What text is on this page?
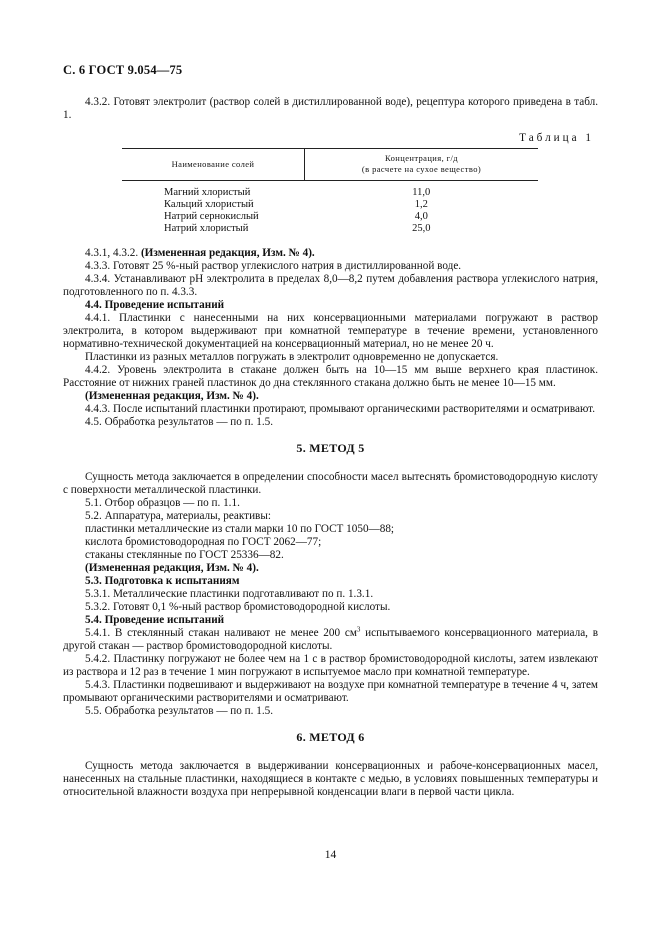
С. 6 ГОСТ 9.054—75

4.3.2. Готовят электролит (раствор солей в дистиллированной воде), рецептура которого приведена в табл. 1.

Таблица 1
Наименование солей	Концентрация, г/д
(в расчете на сухое вещество)

Магний хлористый	11,0
Кальций хлористый	1,2
Натрий сернокислый	4,0
Натрий хлористый	25,0

4.3.1, 4.3.2. (Измененная редакция, Изм. № 4).

4.3.3. Готовят 25 %-ный раствор углекислого натрия в дистиллированной воде.

4.3.4. Устанавливают рН электролита в пределах 8,0—8,2 путем добавления раствора углекислого натрия, подготовленного по п. 4.3.3.

4.4. Проведение испытаний

4.4.1. Пластинки с нанесенными на них консервационными материалами погружают в раствор электролита, в котором выдерживают при комнатной температуре в течение времени, установленного нормативно-технической документацией на консервационный материал, но не менее 20 ч.

Пластинки из разных металлов погружать в электролит одновременно не допускается.

4.4.2. Уровень электролита в стакане должен быть на 10—15 мм выше верхнего края пластинок. Расстояние от нижних граней пластинок до дна стеклянного стакана должно быть не менее 10—15 мм.

(Измененная редакция, Изм. № 4).

4.4.3. После испытаний пластинки протирают, промывают органическими растворителями и осматривают.

4.5. Обработка результатов — по п. 1.5.

5. МЕТОД 5

Сущность метода заключается в определении способности масел вытеснять бромистоводородную кислоту с поверхности металлической пластинки.

5.1. Отбор образцов — по п. 1.1.

5.2. Аппаратура, материалы, реактивы:

пластинки металлические из стали марки 10 по ГОСТ 1050—88;

кислота бромистоводородная по ГОСТ 2062—77;

стаканы стеклянные по ГОСТ 25336—82.

(Измененная редакция, Изм. № 4).

5.3. Подготовка к испытаниям

5.3.1. Металлические пластинки подготавливают по п. 1.3.1.

5.3.2. Готовят 0,1 %-ный раствор бромистоводородной кислоты.

5.4. Проведение испытаний

5.4.1. В стеклянный стакан наливают не менее 200 $см^3$ испытываемого консервационного материала, в другой стакан — раствор бромистоводородной кислоты.

5.4.2. Пластинку погружают не более чем на 1 с в раствор бромистоводородной кислоты, затем извлекают из раствора и 12 раз в течение 1 мин погружают в испытуемое масло при комнатной температуре.

5.4.3. Пластинки подвешивают и выдерживают на воздухе при комнатной температуре в течение 4 ч, затем промывают органическими растворителями и осматривают.

5.5. Обработка результатов — по п. 1.5.

6. МЕТОД 6

Сущность метода заключается в выдерживании консервационных и рабоче-консервационных масел, нанесенных на стальные пластинки, находящиеся в контакте с медью, в условиях повышенных температуры и относительной влажности воздуха при непрерывной конденсации влаги в первой части цикла.

14
